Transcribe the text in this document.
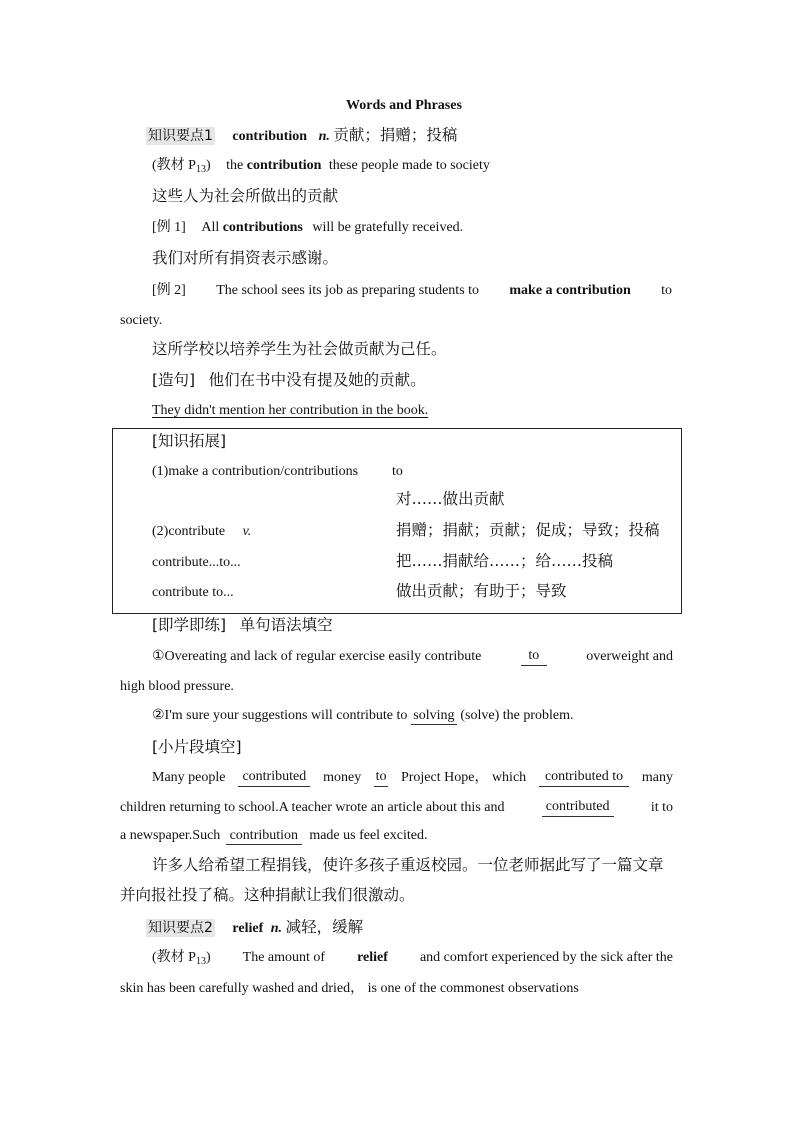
Words and Phrases
知识要点1 contribution n. 贡献；捐赠；投稿
(教材 $P_{13}$) the contribution these people made to society
这些人为社会所做出的贡献
[例 1] All contributions will be gratefully received.
我们对所有捐资表示感谢。
[例 2] The school sees its job as preparing students to make a contribution to
society.
这所学校以培养学生为社会做贡献为己任。
[造句] 他们在书中没有提及她的贡献。
They didn't mention her contribution in the book.
[知识拓展]
(1)make a contribution/contributions to
对……做出贡献
(2)contribute v.	捐赠；捐献；贡献；促成；导致；投稿
contribute...to...	把……捐献给……；给……投稿
contribute to...	做出贡献；有助于；导致
[即学即练] 单句语法填空
①Overeating and lack of regular exercise easily contribute	to	overweight and
high blood pressure.
②I'm sure your suggestions will contribute to solving (solve) the problem.
[小片段填空]
Many people contributed money to Project Hope， which	contributed to	many
children returning to school.A teacher wrote an article about this and	contributed	it to
a newspaper.Such contribution made us feel excited.
许多人给希望工程捐钱，使许多孩子重返校园。一位老师据此写了一篇文章
并向报社投了稿。这种捐献让我们很激动。
知识要点2 relief n. 减轻，缓解
(教材 $P_{13}$) The amount of relief and comfort experienced by the sick after the
skin has been carefully washed and dried， is one of the commonest observations
